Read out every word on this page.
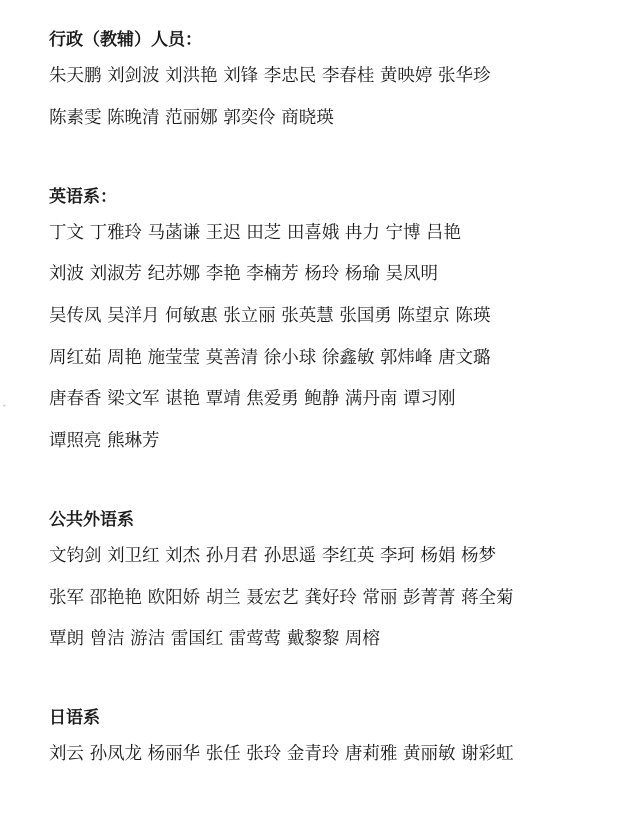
ˇ
行政（教辅）人员：
朱天鹏 刘剑波 刘洪艳 刘锋 李忠民 李春桂 黄映婷 张华珍
陈素雯 陈晚清 范丽娜 郭奕伶 商晓瑛
英语系：
丁文 丁雅玲 马菡谦 王迟 田芝 田喜娥 冉力 宁博 吕艳
刘波 刘淑芳 纪苏娜 李艳 李楠芳 杨玲 杨瑜 吴凤明
吴传凤 吴洋月 何敏惠 张立丽 张英慧 张国勇 陈望京 陈瑛
周红茹 周艳 施莹莹 莫善清 徐小球 徐鑫敏 郭炜峰 唐文璐
唐春香 梁文军 谌艳 覃靖 焦爱勇 鲍静 满丹南 谭习刚
谭照亮 熊琳芳
公共外语系
文钧剑 刘卫红 刘杰 孙月君 孙思遥 李红英 李珂 杨娟 杨梦
张军 邵艳艳 欧阳娇 胡兰 聂宏艺 龚好玲 常丽 彭菁菁 蒋全菊
覃朗 曾洁 游洁 雷国红 雷莺莺 戴黎黎 周榕
日语系
刘云 孙凤龙 杨丽华 张任 张玲 金青玲 唐莉雅 黄丽敏 谢彩虹
